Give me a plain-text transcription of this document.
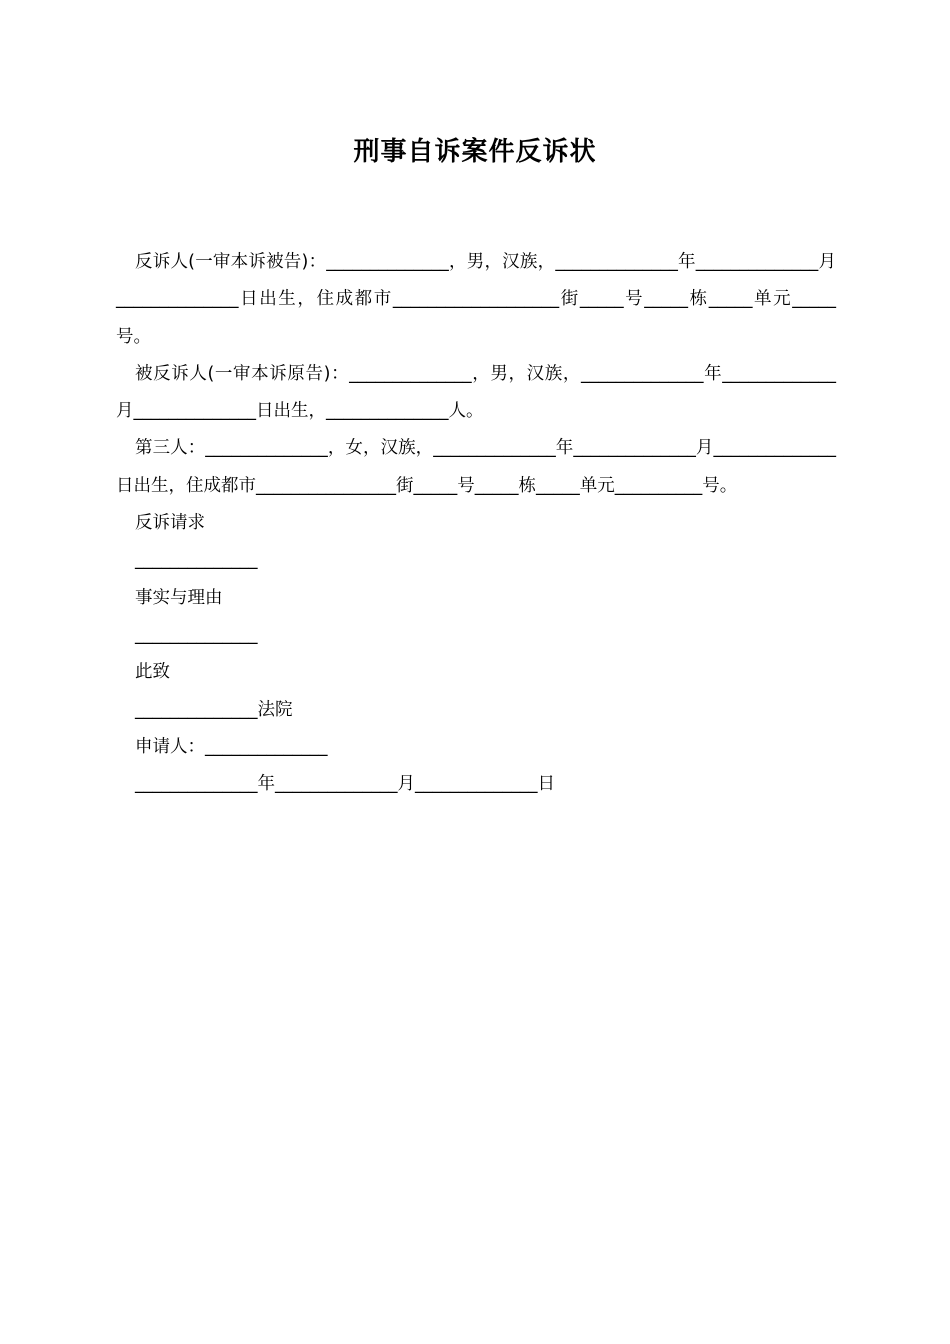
刑事自诉案件反诉状

反诉人(一审本诉被告)：______________，男，汉族，______________年______________月______________日出生，住成都市___________________街_____号_____栋_____单元_____号。

被反诉人(一审本诉原告)：______________，男，汉族，______________年_____________月______________日出生，______________人。

第三人：______________，女，汉族，______________年______________月______________日出生，住成都市________________街_____号_____栋_____单元__________号。

反诉请求

______________

事实与理由

______________

此致

______________法院

申请人：______________

______________年______________月______________日
